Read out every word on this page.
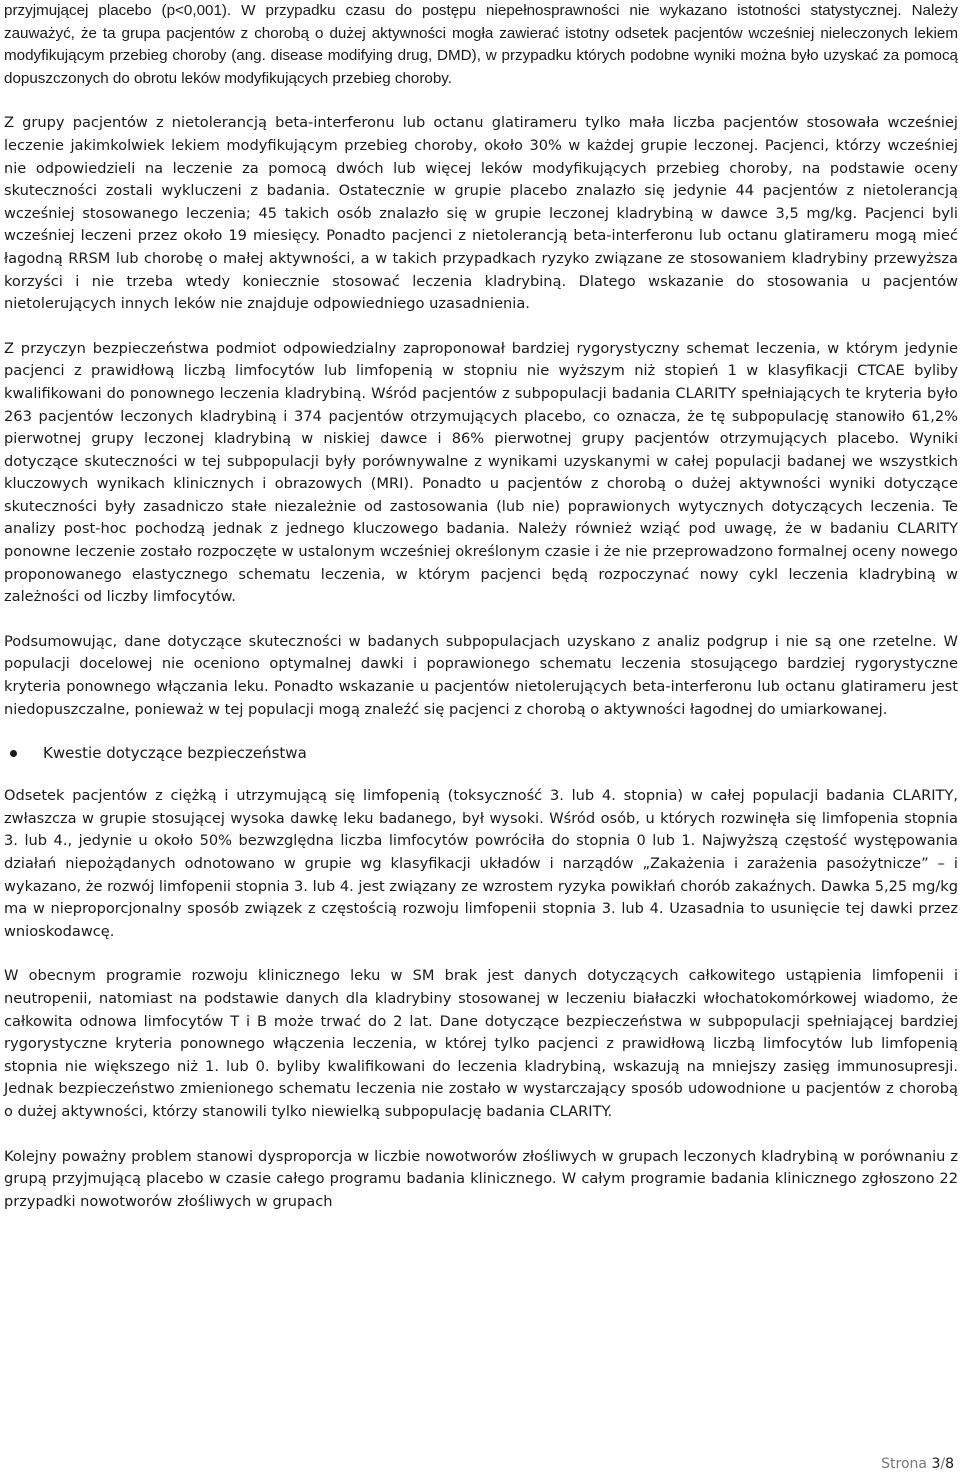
przyjmującej placebo (p<0,001). W przypadku czasu do postępu niepełnosprawności nie wykazano istotności statystycznej. Należy zauważyć, że ta grupa pacjentów z chorobą o dużej aktywności mogła zawierać istotny odsetek pacjentów wcześniej nieleczonych lekiem modyfikującym przebieg choroby (ang. disease modifying drug, DMD), w przypadku których podobne wyniki można było uzyskać za pomocą dopuszczonych do obrotu leków modyfikujących przebieg choroby.

Z grupy pacjentów z nietolerancją beta-interferonu lub octanu glatirameru tylko mała liczba pacjentów stosowała wcześniej leczenie jakimkolwiek lekiem modyfikującym przebieg choroby, około 30% w każdej grupie leczonej. Pacjenci, którzy wcześniej nie odpowiedzieli na leczenie za pomocą dwóch lub więcej leków modyfikujących przebieg choroby, na podstawie oceny skuteczności zostali wykluczeni z badania. Ostatecznie w grupie placebo znalazło się jedynie 44 pacjentów z nietolerancją wcześniej stosowanego leczenia; 45 takich osób znalazło się w grupie leczonej kladrybiną w dawce 3,5 mg/kg. Pacjenci byli wcześniej leczeni przez około 19 miesięcy. Ponadto pacjenci z nietolerancją beta-interferonu lub octanu glatirameru mogą mieć łagodną RRSM lub chorobę o małej aktywności, a w takich przypadkach ryzyko związane ze stosowaniem kladrybiny przewyższa korzyści i nie trzeba wtedy koniecznie stosować leczenia kladrybiną. Dlatego wskazanie do stosowania u pacjentów nietolerujących innych leków nie znajduje odpowiedniego uzasadnienia.

Z przyczyn bezpieczeństwa podmiot odpowiedzialny zaproponował bardziej rygorystyczny schemat leczenia, w którym jedynie pacjenci z prawidłową liczbą limfocytów lub limfopenią w stopniu nie wyższym niż stopień 1 w klasyfikacji CTCAE byliby kwalifikowani do ponownego leczenia kladrybiną. Wśród pacjentów z subpopulacji badania CLARITY spełniających te kryteria było 263 pacjentów leczonych kladrybiną i 374 pacjentów otrzymujących placebo, co oznacza, że tę subpopulację stanowiło 61,2% pierwotnej grupy leczonej kladrybiną w niskiej dawce i 86% pierwotnej grupy pacjentów otrzymujących placebo. Wyniki dotyczące skuteczności w tej subpopulacji były porównywalne z wynikami uzyskanymi w całej populacji badanej we wszystkich kluczowych wynikach klinicznych i obrazowych (MRI). Ponadto u pacjentów z chorobą o dużej aktywności wyniki dotyczące skuteczności były zasadniczo stałe niezależnie od zastosowania (lub nie) poprawionych wytycznych dotyczących leczenia. Te analizy post-hoc pochodzą jednak z jednego kluczowego badania. Należy również wziąć pod uwagę, że w badaniu CLARITY ponowne leczenie zostało rozpoczęte w ustalonym wcześniej określonym czasie i że nie przeprowadzono formalnej oceny nowego proponowanego elastycznego schematu leczenia, w którym pacjenci będą rozpoczynać nowy cykl leczenia kladrybiną w zależności od liczby limfocytów.

Podsumowując, dane dotyczące skuteczności w badanych subpopulacjach uzyskano z analiz podgrup i nie są one rzetelne. W populacji docelowej nie oceniono optymalnej dawki i poprawionego schematu leczenia stosującego bardziej rygorystyczne kryteria ponownego włączania leku. Ponadto wskazanie u pacjentów nietolerujących beta-interferonu lub octanu glatirameru jest niedopuszczalne, ponieważ w tej populacji mogą znaleźć się pacjenci z chorobą o aktywności łagodnej do umiarkowanej.

Kwestie dotyczące bezpieczeństwa

Odsetek pacjentów z ciężką i utrzymującą się limfopenią (toksyczność 3. lub 4. stopnia) w całej populacji badania CLARITY, zwłaszcza w grupie stosującej wysoka dawkę leku badanego, był wysoki. Wśród osób, u których rozwinęła się limfopenia stopnia 3. lub 4., jedynie u około 50% bezwzględna liczba limfocytów powróciła do stopnia 0 lub 1. Najwyższą częstość występowania działań niepożądanych odnotowano w grupie wg klasyfikacji układów i narządów „Zakażenia i zarażenia pasożytnicze” – i wykazano, że rozwój limfopenii stopnia 3. lub 4. jest związany ze wzrostem ryzyka powikłań chorób zakaźnych. Dawka 5,25 mg/kg ma w nieproporcjonalny sposób związek z częstością rozwoju limfopenii stopnia 3. lub 4. Uzasadnia to usunięcie tej dawki przez wnioskodawcę.

W obecnym programie rozwoju klinicznego leku w SM brak jest danych dotyczących całkowitego ustąpienia limfopenii i neutropenii, natomiast na podstawie danych dla kladrybiny stosowanej w leczeniu białaczki włochatokomórkowej wiadomo, że całkowita odnowa limfocytów T i B może trwać do 2 lat. Dane dotyczące bezpieczeństwa w subpopulacji spełniającej bardziej rygorystyczne kryteria ponownego włączenia leczenia, w której tylko pacjenci z prawidłową liczbą limfocytów lub limfopenią stopnia nie większego niż 1. lub 0. byliby kwalifikowani do leczenia kladrybiną, wskazują na mniejszy zasięg immunosupresji. Jednak bezpieczeństwo zmienionego schematu leczenia nie zostało w wystarczający sposób udowodnione u pacjentów z chorobą o dużej aktywności, którzy stanowili tylko niewielką subpopulację badania CLARITY.

Kolejny poważny problem stanowi dysproporcja w liczbie nowotworów złośliwych w grupach leczonych kladrybiną w porównaniu z grupą przyjmującą placebo w czasie całego programu badania klinicznego. W całym programie badania klinicznego zgłoszono 22 przypadki nowotworów złośliwych w grupach

Strona 3/8
